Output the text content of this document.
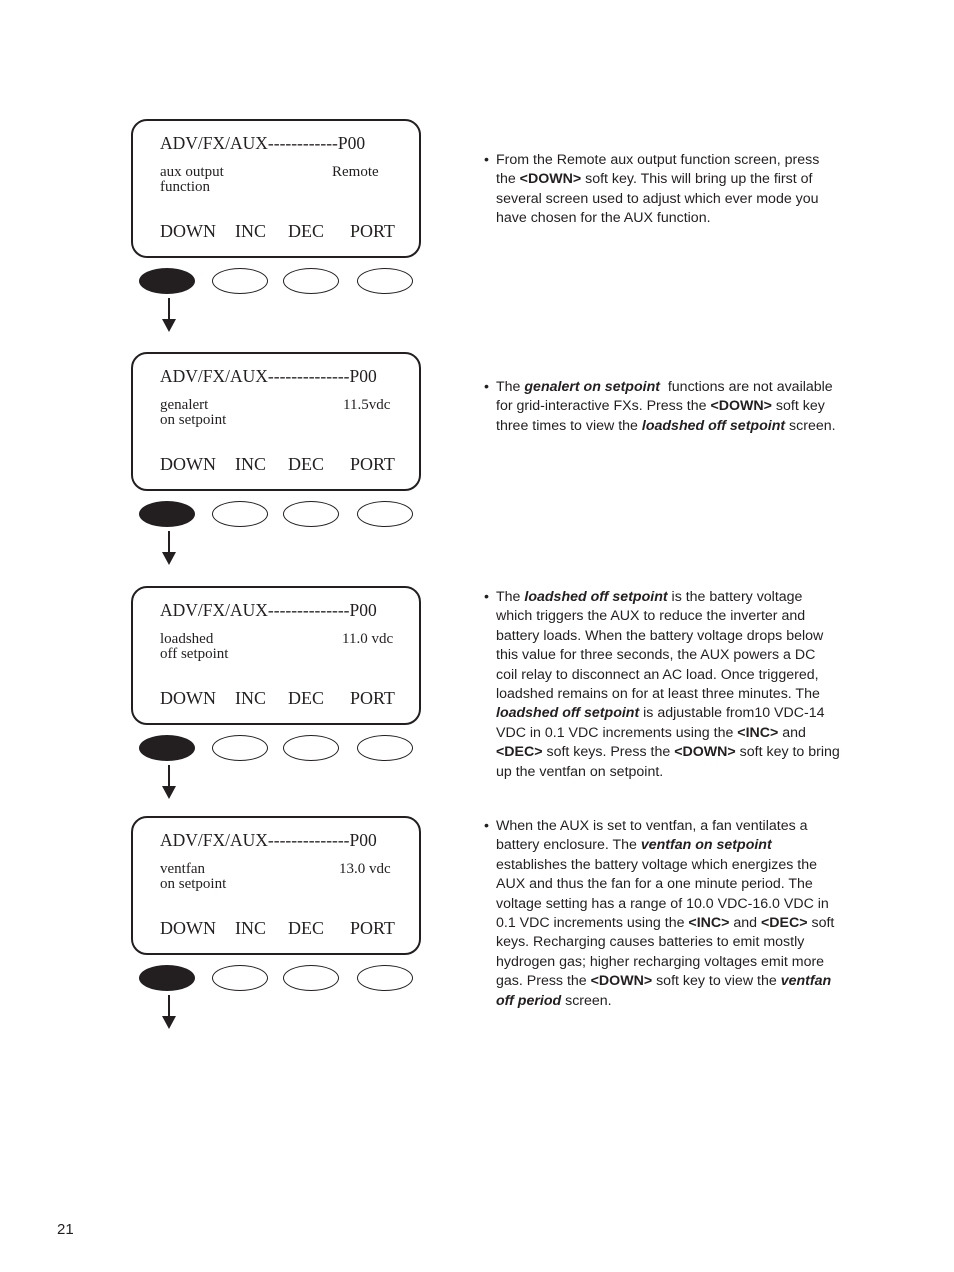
ADV/FX/AUX------------P00
aux output
function
Remote
DOWN INC DEC PORT
ADV/FX/AUX--------------P00
genalert
on setpoint
11.5vdc
DOWN INC DEC PORT
ADV/FX/AUX--------------P00
loadshed
off setpoint
11.0 vdc
DOWN INC DEC PORT
ADV/FX/AUX--------------P00
ventfan
on setpoint
13.0 vdc
DOWN INC DEC PORT
• From the Remote aux output function screen, press the <DOWN> soft key. This will bring up the first of several screen used to adjust which ever mode you have chosen for the AUX function.
• The genalert on setpoint  functions are not available for grid-interactive FXs. Press the <DOWN> soft key three times to view the loadshed off setpoint screen.
• The loadshed off setpoint is the battery voltage which triggers the AUX to reduce the inverter and battery loads. When the battery voltage drops below this value for three seconds, the AUX powers a DC coil relay to disconnect an AC load. Once triggered, loadshed remains on for at least three minutes. The loadshed off setpoint is adjustable from10 VDC-14 VDC in 0.1 VDC increments using the <INC> and <DEC> soft keys. Press the <DOWN> soft key to bring up the ventfan on setpoint.
• When the AUX is set to ventfan, a fan ventilates a battery enclosure. The ventfan on setpoint establishes the battery voltage which energizes the AUX and thus the fan for a one minute period. The voltage setting has a range of 10.0 VDC-16.0 VDC in 0.1 VDC increments using the <INC> and <DEC> soft keys. Recharging causes batteries to emit mostly hydrogen gas; higher recharging voltages emit more gas. Press the <DOWN> soft key to view the ventfan off period screen.
21
